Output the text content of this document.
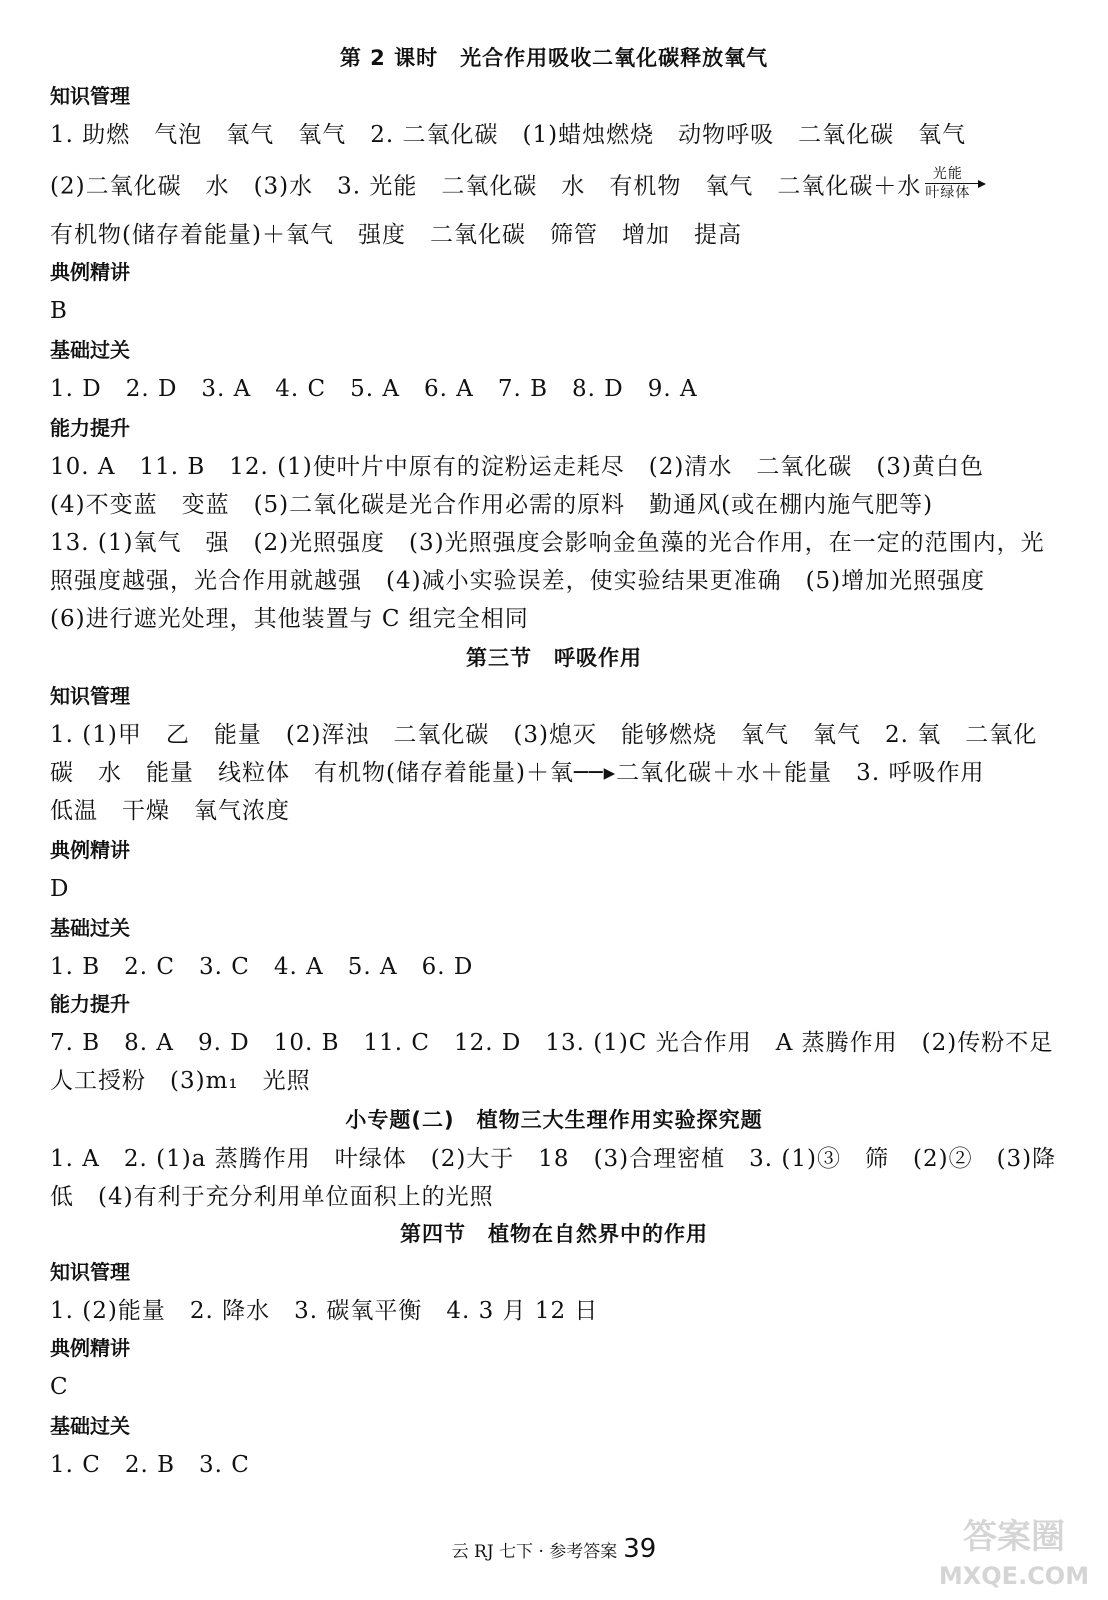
第 2 课时　光合作用吸收二氧化碳释放氧气
知识管理
1. 助燃　气泡　氧气　氧气　2. 二氧化碳　(1)蜡烛燃烧　动物呼吸　二氧化碳　氧气
(2)二氧化碳　水　(3)水　3. 光能　二氧化碳　水　有机物　氧气　二氧化碳＋水 $\frac{\text{光能}}{\text{叶绿体}}$
有机物(储存着能量)＋氧气　强度　二氧化碳　筛管　增加　提高
典例精讲
B
基础过关
1. D　2. D　3. A　4. C　5. A　6. A　7. B　8. D　9. A
能力提升
10. A　11. B　12. (1)使叶片中原有的淀粉运走耗尽　(2)清水　二氧化碳　(3)黄白色
(4)不变蓝　变蓝　(5)二氧化碳是光合作用必需的原料　勤通风(或在棚内施气肥等)
13. (1)氧气　强　(2)光照强度　(3)光照强度会影响金鱼藻的光合作用，在一定的范围内，光
照强度越强，光合作用就越强　(4)减小实验误差，使实验结果更准确　(5)增加光照强度
(6)进行遮光处理，其他装置与 C 组完全相同
第三节　呼吸作用
知识管理
1. (1)甲　乙　能量　(2)浑浊　二氧化碳　(3)熄灭　能够燃烧　氧气　氧气　2. 氧　二氧化
碳　水　能量　线粒体　有机物(储存着能量)＋氧──▸二氧化碳＋水＋能量　3. 呼吸作用
低温　干燥　氧气浓度
典例精讲
D
基础过关
1. B　2. C　3. C　4. A　5. A　6. D
能力提升
7. B　8. A　9. D　10. B　11. C　12. D　13. (1)C 光合作用　A 蒸腾作用　(2)传粉不足
人工授粉　(3)m₁　光照
小专题(二)　植物三大生理作用实验探究题
1. A　2. (1)a 蒸腾作用　叶绿体　(2)大于　18　(3)合理密植　3. (1)③　筛　(2)②　(3)降
低　(4)有利于充分利用单位面积上的光照
第四节　植物在自然界中的作用
知识管理
1. (2)能量　2. 降水　3. 碳氧平衡　4. 3 月 12 日
典例精讲
C
基础过关
1. C　2. B　3. C
云 RJ 七下 · 参考答案 39	答案圈
MXQE.COM
